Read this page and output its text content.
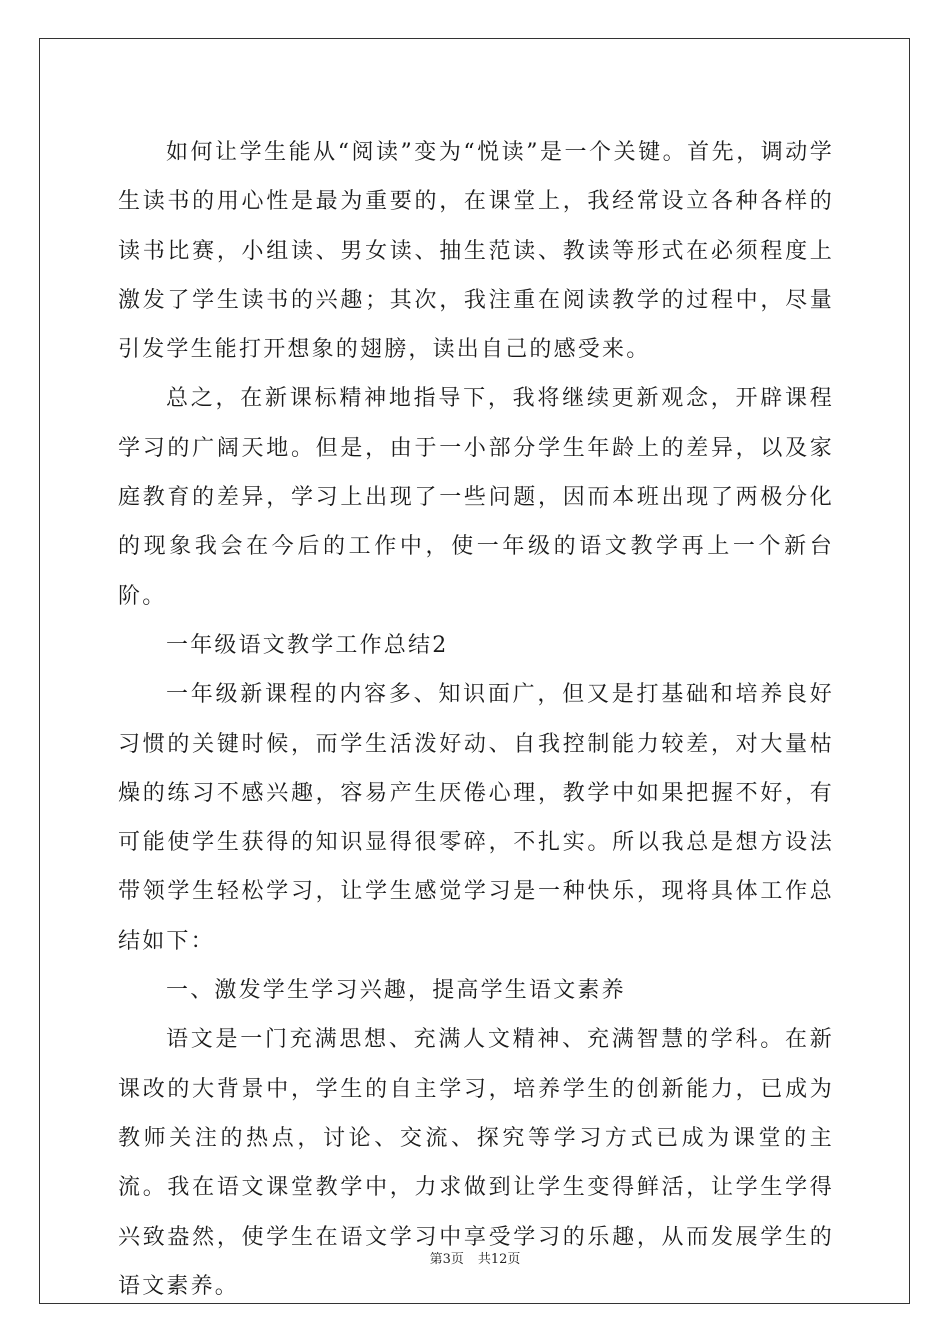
如何让学生能从“阅读”变为“悦读”是一个关键。首先，调动学生读书的用心性是最为重要的，在课堂上，我经常设立各种各样的读书比赛，小组读、男女读、抽生范读、教读等形式在必须程度上激发了学生读书的兴趣；其次，我注重在阅读教学的过程中，尽量引发学生能打开想象的翅膀，读出自己的感受来。

总之，在新课标精神地指导下，我将继续更新观念，开辟课程学习的广阔天地。但是，由于一小部分学生年龄上的差异，以及家庭教育的差异，学习上出现了一些问题，因而本班出现了两极分化的现象我会在今后的工作中，使一年级的语文教学再上一个新台阶。

一年级语文教学工作总结2

一年级新课程的内容多、知识面广，但又是打基础和培养良好习惯的关键时候，而学生活泼好动、自我控制能力较差，对大量枯燥的练习不感兴趣，容易产生厌倦心理，教学中如果把握不好，有可能使学生获得的知识显得很零碎，不扎实。所以我总是想方设法带领学生轻松学习，让学生感觉学习是一种快乐，现将具体工作总结如下：

一、激发学生学习兴趣，提高学生语文素养

语文是一门充满思想、充满人文精神、充满智慧的学科。在新课改的大背景中，学生的自主学习，培养学生的创新能力，已成为教师关注的热点，讨论、交流、探究等学习方式已成为课堂的主流。我在语文课堂教学中，力求做到让学生变得鲜活，让学生学得兴致盎然，使学生在语文学习中享受学习的乐趣，从而发展学生的语文素养。

第3页 共12页
